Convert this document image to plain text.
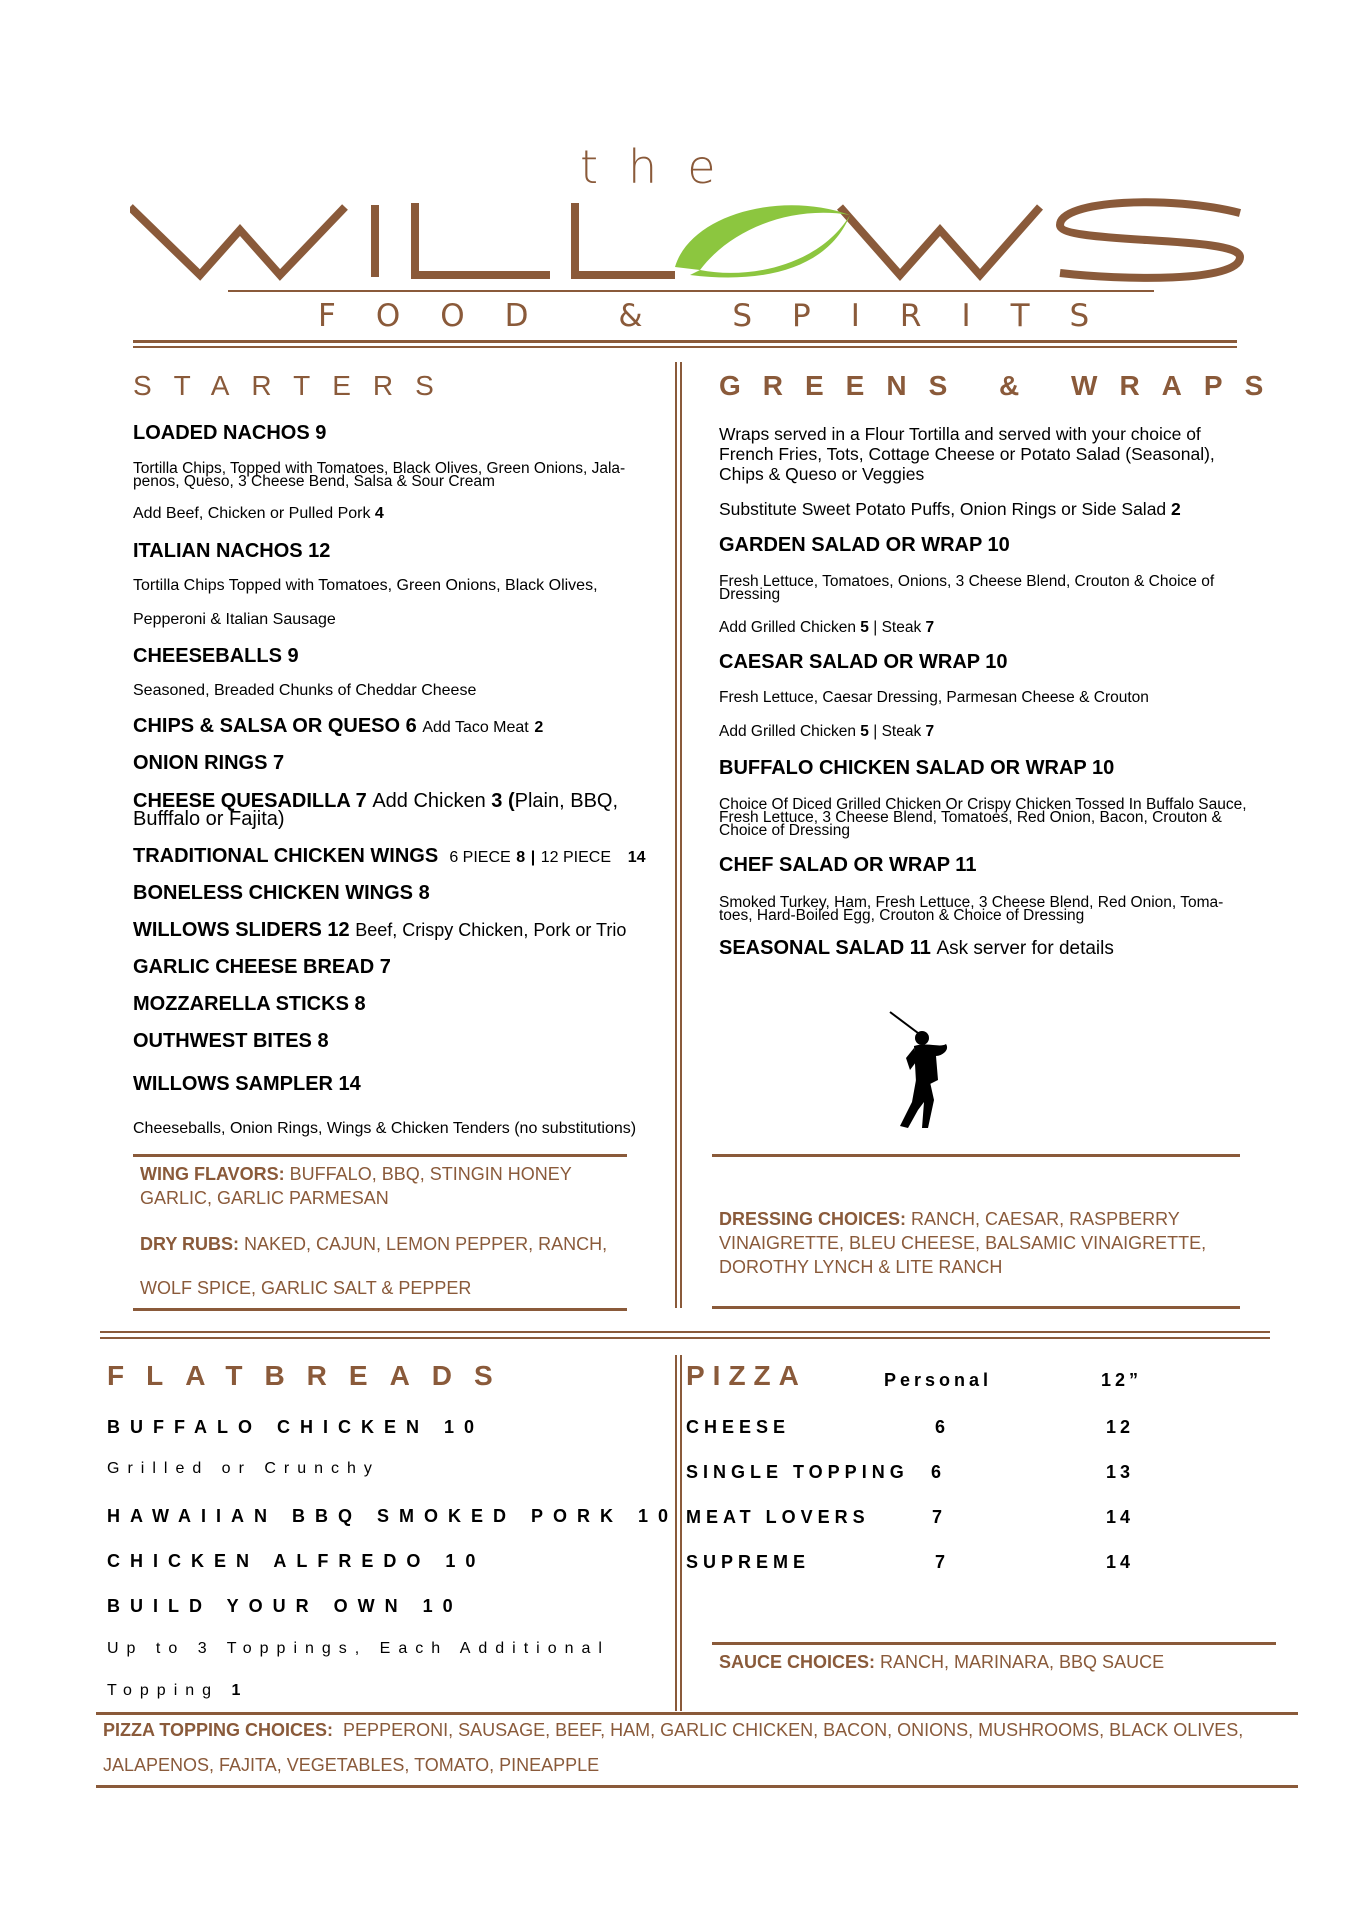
the
FOOD & SPIRITS
STARTERS
LOADED NACHOS 9
Tortilla Chips, Topped with Tomatoes, Black Olives, Green Onions, Jala-
penos, Queso, 3 Cheese Bend, Salsa & Sour Cream
Add Beef, Chicken or Pulled Pork 4
ITALIAN NACHOS 12
Tortilla Chips Topped with Tomatoes, Green Onions, Black Olives,
Pepperoni & Italian Sausage
CHEESEBALLS 9
Seasoned, Breaded Chunks of Cheddar Cheese
CHIPS & SALSA OR QUESO 6 Add Taco Meat 2
ONION RINGS 7
CHEESE QUESADILLA 7 Add Chicken 3 (Plain, BBQ,
Bufffalo or Fajita)
TRADITIONAL CHICKEN WINGS 6 PIECE 8 | 12 PIECE 14
BONELESS CHICKEN WINGS 8
WILLOWS SLIDERS 12 Beef, Crispy Chicken, Pork or Trio
GARLIC CHEESE BREAD 7
MOZZARELLA STICKS 8
OUTHWEST BITES 8
WILLOWS SAMPLER 14
Cheeseballs, Onion Rings, Wings & Chicken Tenders (no substitutions)
WING FLAVORS: BUFFALO, BBQ, STINGIN HONEY
GARLIC, GARLIC PARMESAN
DRY RUBS: NAKED, CAJUN, LEMON PEPPER, RANCH,
WOLF SPICE, GARLIC SALT & PEPPER
GREENS & WRAPS
Wraps served in a Flour Tortilla and served with your choice of
French Fries, Tots, Cottage Cheese or Potato Salad (Seasonal),
Chips & Queso or Veggies
Substitute Sweet Potato Puffs, Onion Rings or Side Salad 2
GARDEN SALAD OR WRAP 10
Fresh Lettuce, Tomatoes, Onions, 3 Cheese Blend, Crouton & Choice of
Dressing
Add Grilled Chicken 5 | Steak 7
CAESAR SALAD OR WRAP 10
Fresh Lettuce, Caesar Dressing, Parmesan Cheese & Crouton
Add Grilled Chicken 5 | Steak 7
BUFFALO CHICKEN SALAD OR WRAP 10
Choice Of Diced Grilled Chicken Or Crispy Chicken Tossed In Buffalo Sauce,
Fresh Lettuce, 3 Cheese Blend, Tomatoes, Red Onion, Bacon, Crouton &
Choice of Dressing
CHEF SALAD OR WRAP 11
Smoked Turkey, Ham, Fresh Lettuce, 3 Cheese Blend, Red Onion, Toma-
toes, Hard-Boiled Egg, Crouton & Choice of Dressing
SEASONAL SALAD 11 Ask server for details
DRESSING CHOICES: RANCH, CAESAR, RASPBERRY
VINAIGRETTE, BLEU CHEESE, BALSAMIC VINAIGRETTE,
DOROTHY LYNCH & LITE RANCH
FLATBREADS
BUFFALO CHICKEN 10
Grilled or Crunchy
HAWAIIAN BBQ SMOKED PORK 10
CHICKEN ALFREDO 10
BUILD YOUR OWN 10
Up to 3 Toppings, Each Additional
Topping 1
PIZZA	Personal	12”
CHEESE	6	12
SINGLE TOPPING 6	13
MEAT LOVERS	7	14
SUPREME	7	14
SAUCE CHOICES: RANCH, MARINARA, BBQ SAUCE
PIZZA TOPPING CHOICES: PEPPERONI, SAUSAGE, BEEF, HAM, GARLIC CHICKEN, BACON, ONIONS, MUSHROOMS, BLACK OLIVES,
JALAPENOS, FAJITA, VEGETABLES, TOMATO, PINEAPPLE
